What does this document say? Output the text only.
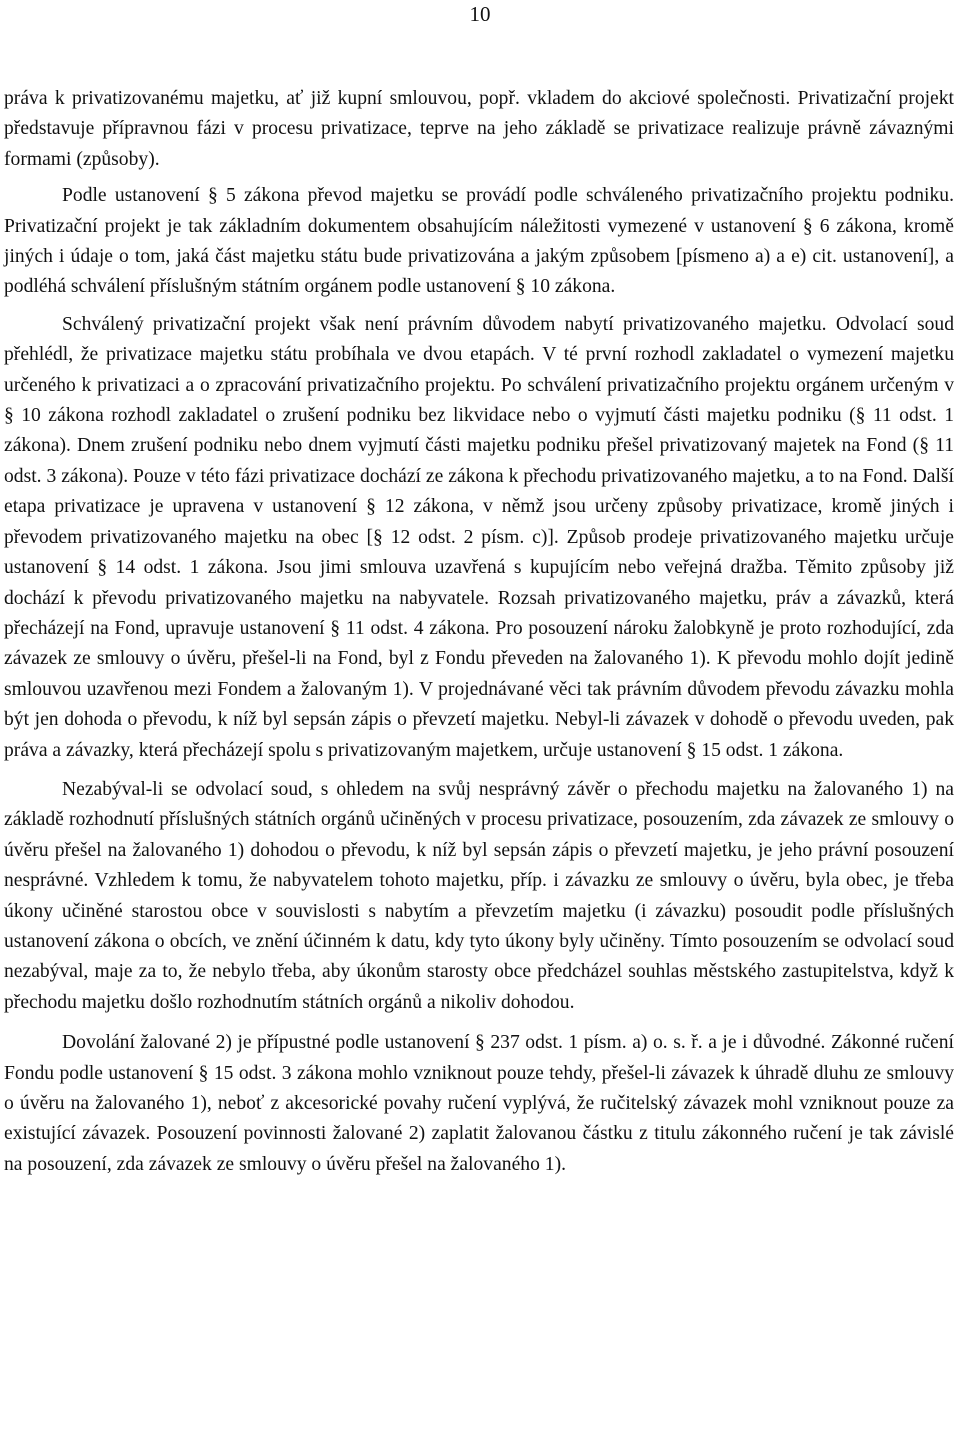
10

práva k privatizovanému majetku, ať již kupní smlouvou, popř. vkladem do akciové společnosti. Privatizační projekt představuje přípravnou fázi v procesu privatizace, teprve na jeho základě se privatizace realizuje právně závaznými formami (způsoby).

Podle ustanovení § 5 zákona převod majetku se provádí podle schváleného privatizačního projektu podniku. Privatizační projekt je tak základním dokumentem obsahujícím náležitosti vymezené v ustanovení § 6 zákona, kromě jiných i údaje o tom, jaká část majetku státu bude privatizována a jakým způsobem [písmeno a) a e) cit. ustanovení], a podléhá schválení příslušným státním orgánem podle ustanovení § 10 zákona.

Schválený privatizační projekt však není právním důvodem nabytí privatizovaného majetku. Odvolací soud přehlédl, že privatizace majetku státu probíhala ve dvou etapách. V té první rozhodl zakladatel o vymezení majetku určeného k privatizaci a o zpracování privatizačního projektu. Po schválení privatizačního projektu orgánem určeným v § 10 zákona rozhodl zakladatel o zrušení podniku bez likvidace nebo o vyjmutí části majetku podniku (§ 11 odst. 1 zákona). Dnem zrušení podniku nebo dnem vyjmutí části majetku podniku přešel privatizovaný majetek na Fond (§ 11 odst. 3 zákona). Pouze v této fázi privatizace dochází ze zákona k přechodu privatizovaného majetku, a to na Fond. Další etapa privatizace je upravena v ustanovení § 12 zákona, v němž jsou určeny způsoby privatizace, kromě jiných i převodem privatizovaného majetku na obec [§ 12 odst. 2 písm. c)]. Způsob prodeje privatizovaného majetku určuje ustanovení § 14 odst. 1 zákona. Jsou jimi smlouva uzavřená s kupujícím nebo veřejná dražba. Těmito způsoby již dochází k převodu privatizovaného majetku na nabyvatele. Rozsah privatizovaného majetku, práv a závazků, která přecházejí na Fond, upravuje ustanovení § 11 odst. 4 zákona. Pro posouzení nároku žalobkyně je proto rozhodující, zda závazek ze smlouvy o úvěru, přešel-li na Fond, byl z Fondu převeden na žalovaného 1). K převodu mohlo dojít jedině smlouvou uzavřenou mezi Fondem a žalovaným 1). V projednávané věci tak právním důvodem převodu závazku mohla být jen dohoda o převodu, k níž byl sepsán zápis o převzetí majetku. Nebyl-li závazek v dohodě o převodu uveden, pak práva a závazky, která přecházejí spolu s privatizovaným majetkem, určuje ustanovení § 15 odst. 1 zákona.

Nezabýval-li se odvolací soud, s ohledem na svůj nesprávný závěr o přechodu majetku na žalovaného 1) na základě rozhodnutí příslušných státních orgánů učiněných v procesu privatizace, posouzením, zda závazek ze smlouvy o úvěru přešel na žalovaného 1) dohodou o převodu, k níž byl sepsán zápis o převzetí majetku, je jeho právní posouzení nesprávné. Vzhledem k tomu, že nabyvatelem tohoto majetku, příp. i závazku ze smlouvy o úvěru, byla obec, je třeba úkony učiněné starostou obce v souvislosti s nabytím a převzetím majetku (i závazku) posoudit podle příslušných ustanovení zákona o obcích, ve znění účinném k datu, kdy tyto úkony byly učiněny. Tímto posouzením se odvolací soud nezabýval, maje za to, že nebylo třeba, aby úkonům starosty obce předcházel souhlas městského zastupitelstva, když k přechodu majetku došlo rozhodnutím státních orgánů a nikoliv dohodou.

Dovolání žalované 2) je přípustné podle ustanovení § 237 odst. 1 písm. a) o. s. ř. a je i důvodné. Zákonné ručení Fondu podle ustanovení § 15 odst. 3 zákona mohlo vzniknout pouze tehdy, přešel-li závazek k úhradě dluhu ze smlouvy o úvěru na žalovaného 1), neboť z akcesorické povahy ručení vyplývá, že ručitelský závazek mohl vzniknout pouze za existující závazek. Posouzení povinnosti žalované 2) zaplatit žalovanou částku z titulu zákonného ručení je tak závislé na posouzení, zda závazek ze smlouvy o úvěru přešel na žalovaného 1).
